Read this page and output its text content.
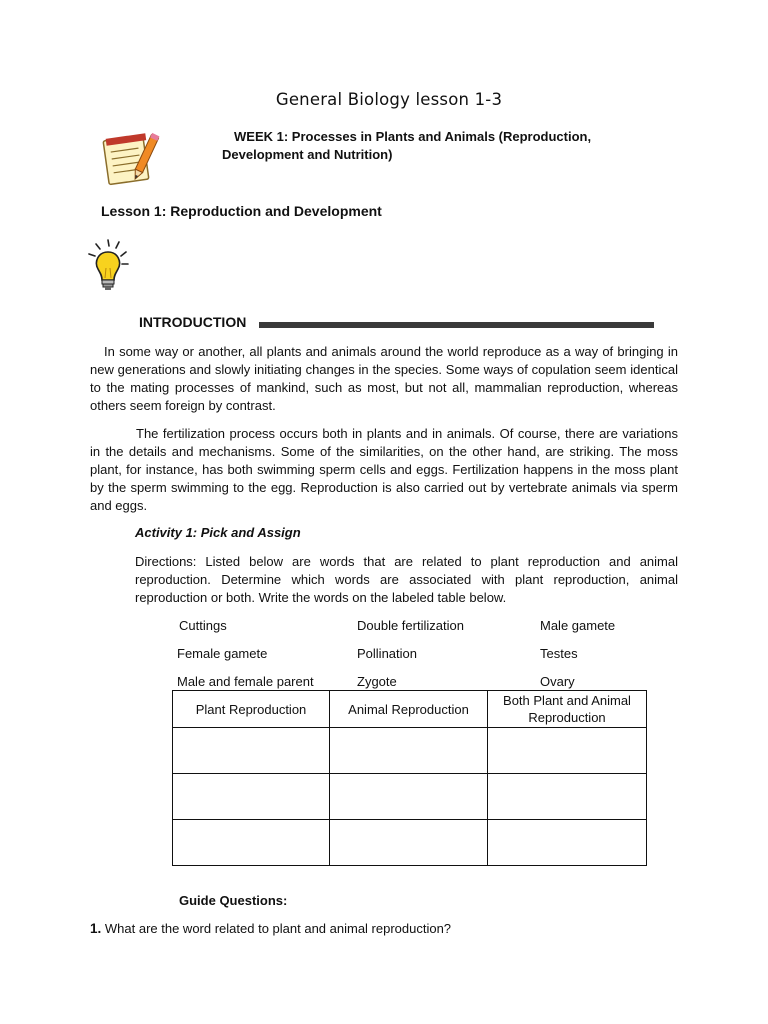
General Biology lesson 1-3
WEEK 1: Processes in Plants and Animals (Reproduction,
Development and Nutrition)
Lesson 1: Reproduction and Development
INTRODUCTION
In some way or another, all plants and animals around the world reproduce as a way of bringing in new generations and slowly initiating changes in the species. Some ways of copulation seem identical to the mating processes of mankind, such as most, but not all, mammalian reproduction, whereas others seem foreign by contrast.
The fertilization process occurs both in plants and in animals. Of course, there are variations in the details and mechanisms. Some of the similarities, on the other hand, are striking. The moss plant, for instance, has both swimming sperm cells and eggs. Fertilization happens in the moss plant by the sperm swimming to the egg. Reproduction is also carried out by vertebrate animals via sperm and eggs.
Activity 1: Pick and Assign
Directions: Listed below are words that are related to plant reproduction and animal reproduction. Determine which words are associated with plant reproduction, animal reproduction or both. Write the words on the labeled table below.
Cuttings	Double fertilization	Male gamete
Female gamete	Pollination	Testes
Male and female parent	Zygote	Ovary
Plant Reproduction	Animal Reproduction	Both Plant and Animal Reproduction

Guide Questions:
1. What are the word related to plant and animal reproduction?
